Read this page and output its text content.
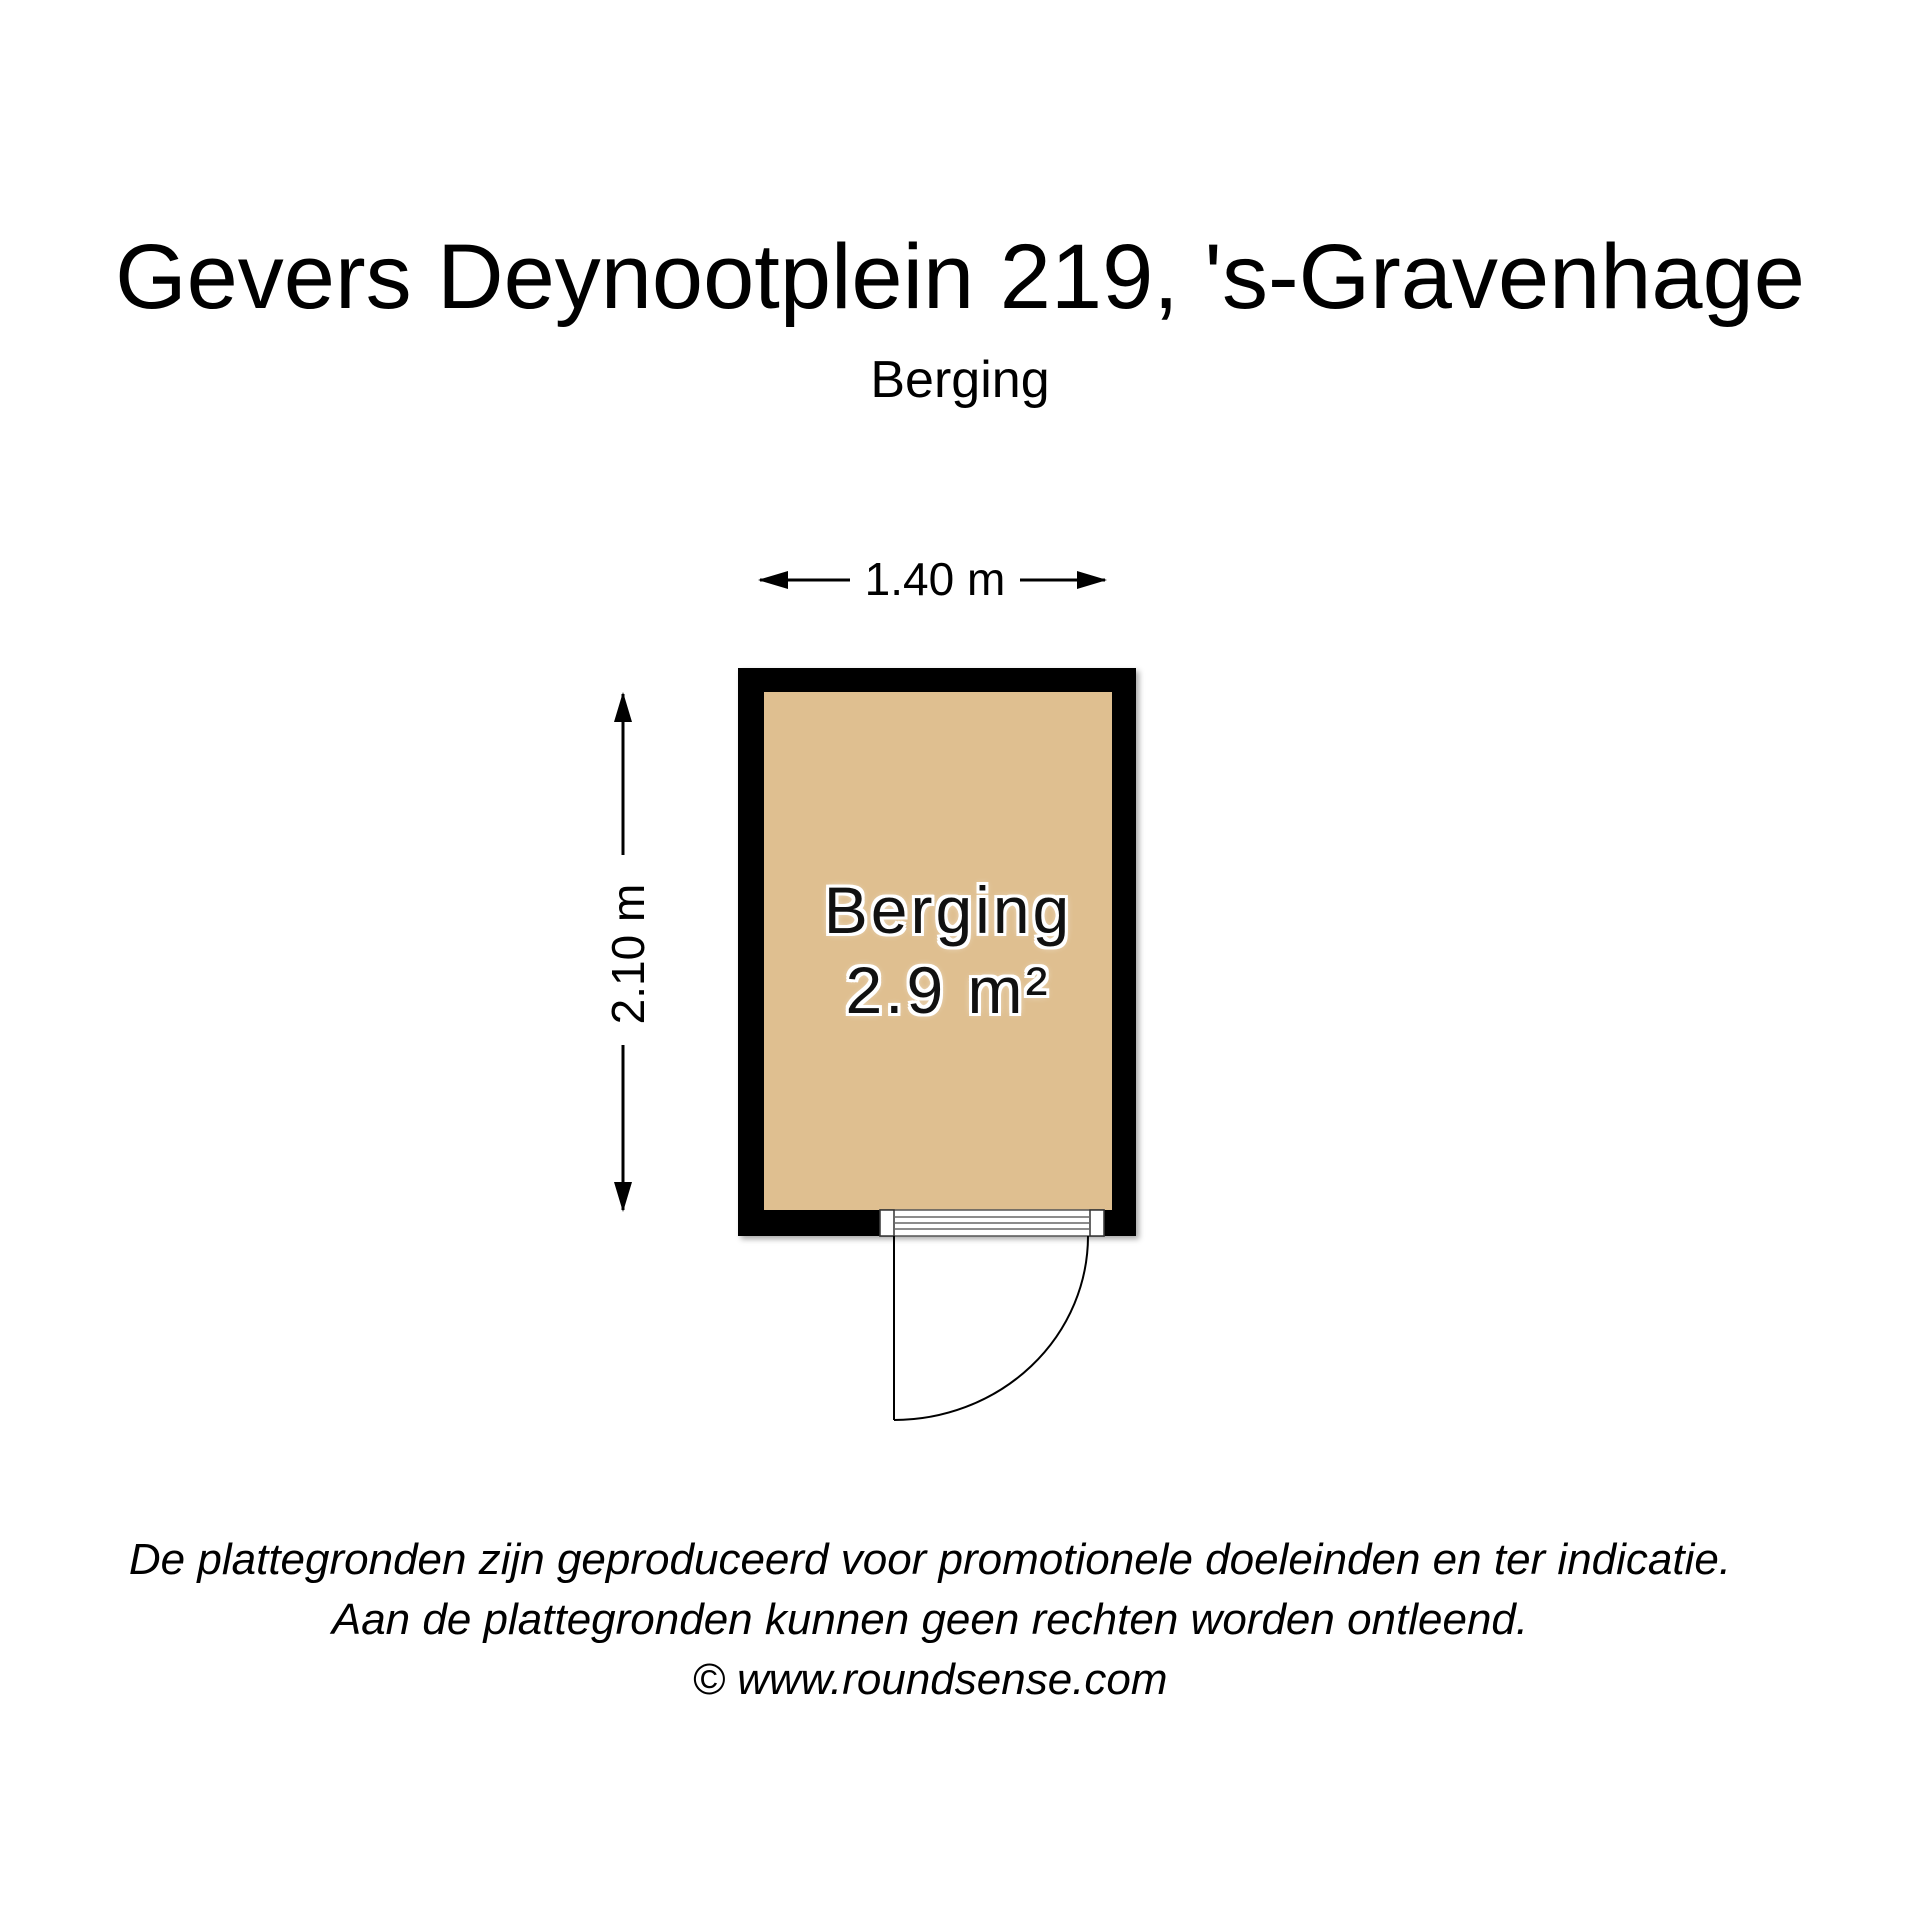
Gevers Deynootplein 219, 's-Gravenhage
Berging
1.40 m
2.10 m	Berging
2.9 m²
De plattegronden zijn geproduceerd voor promotionele doeleinden en ter indicatie.
Aan de plattegronden kunnen geen rechten worden ontleend.
© www.roundsense.com
